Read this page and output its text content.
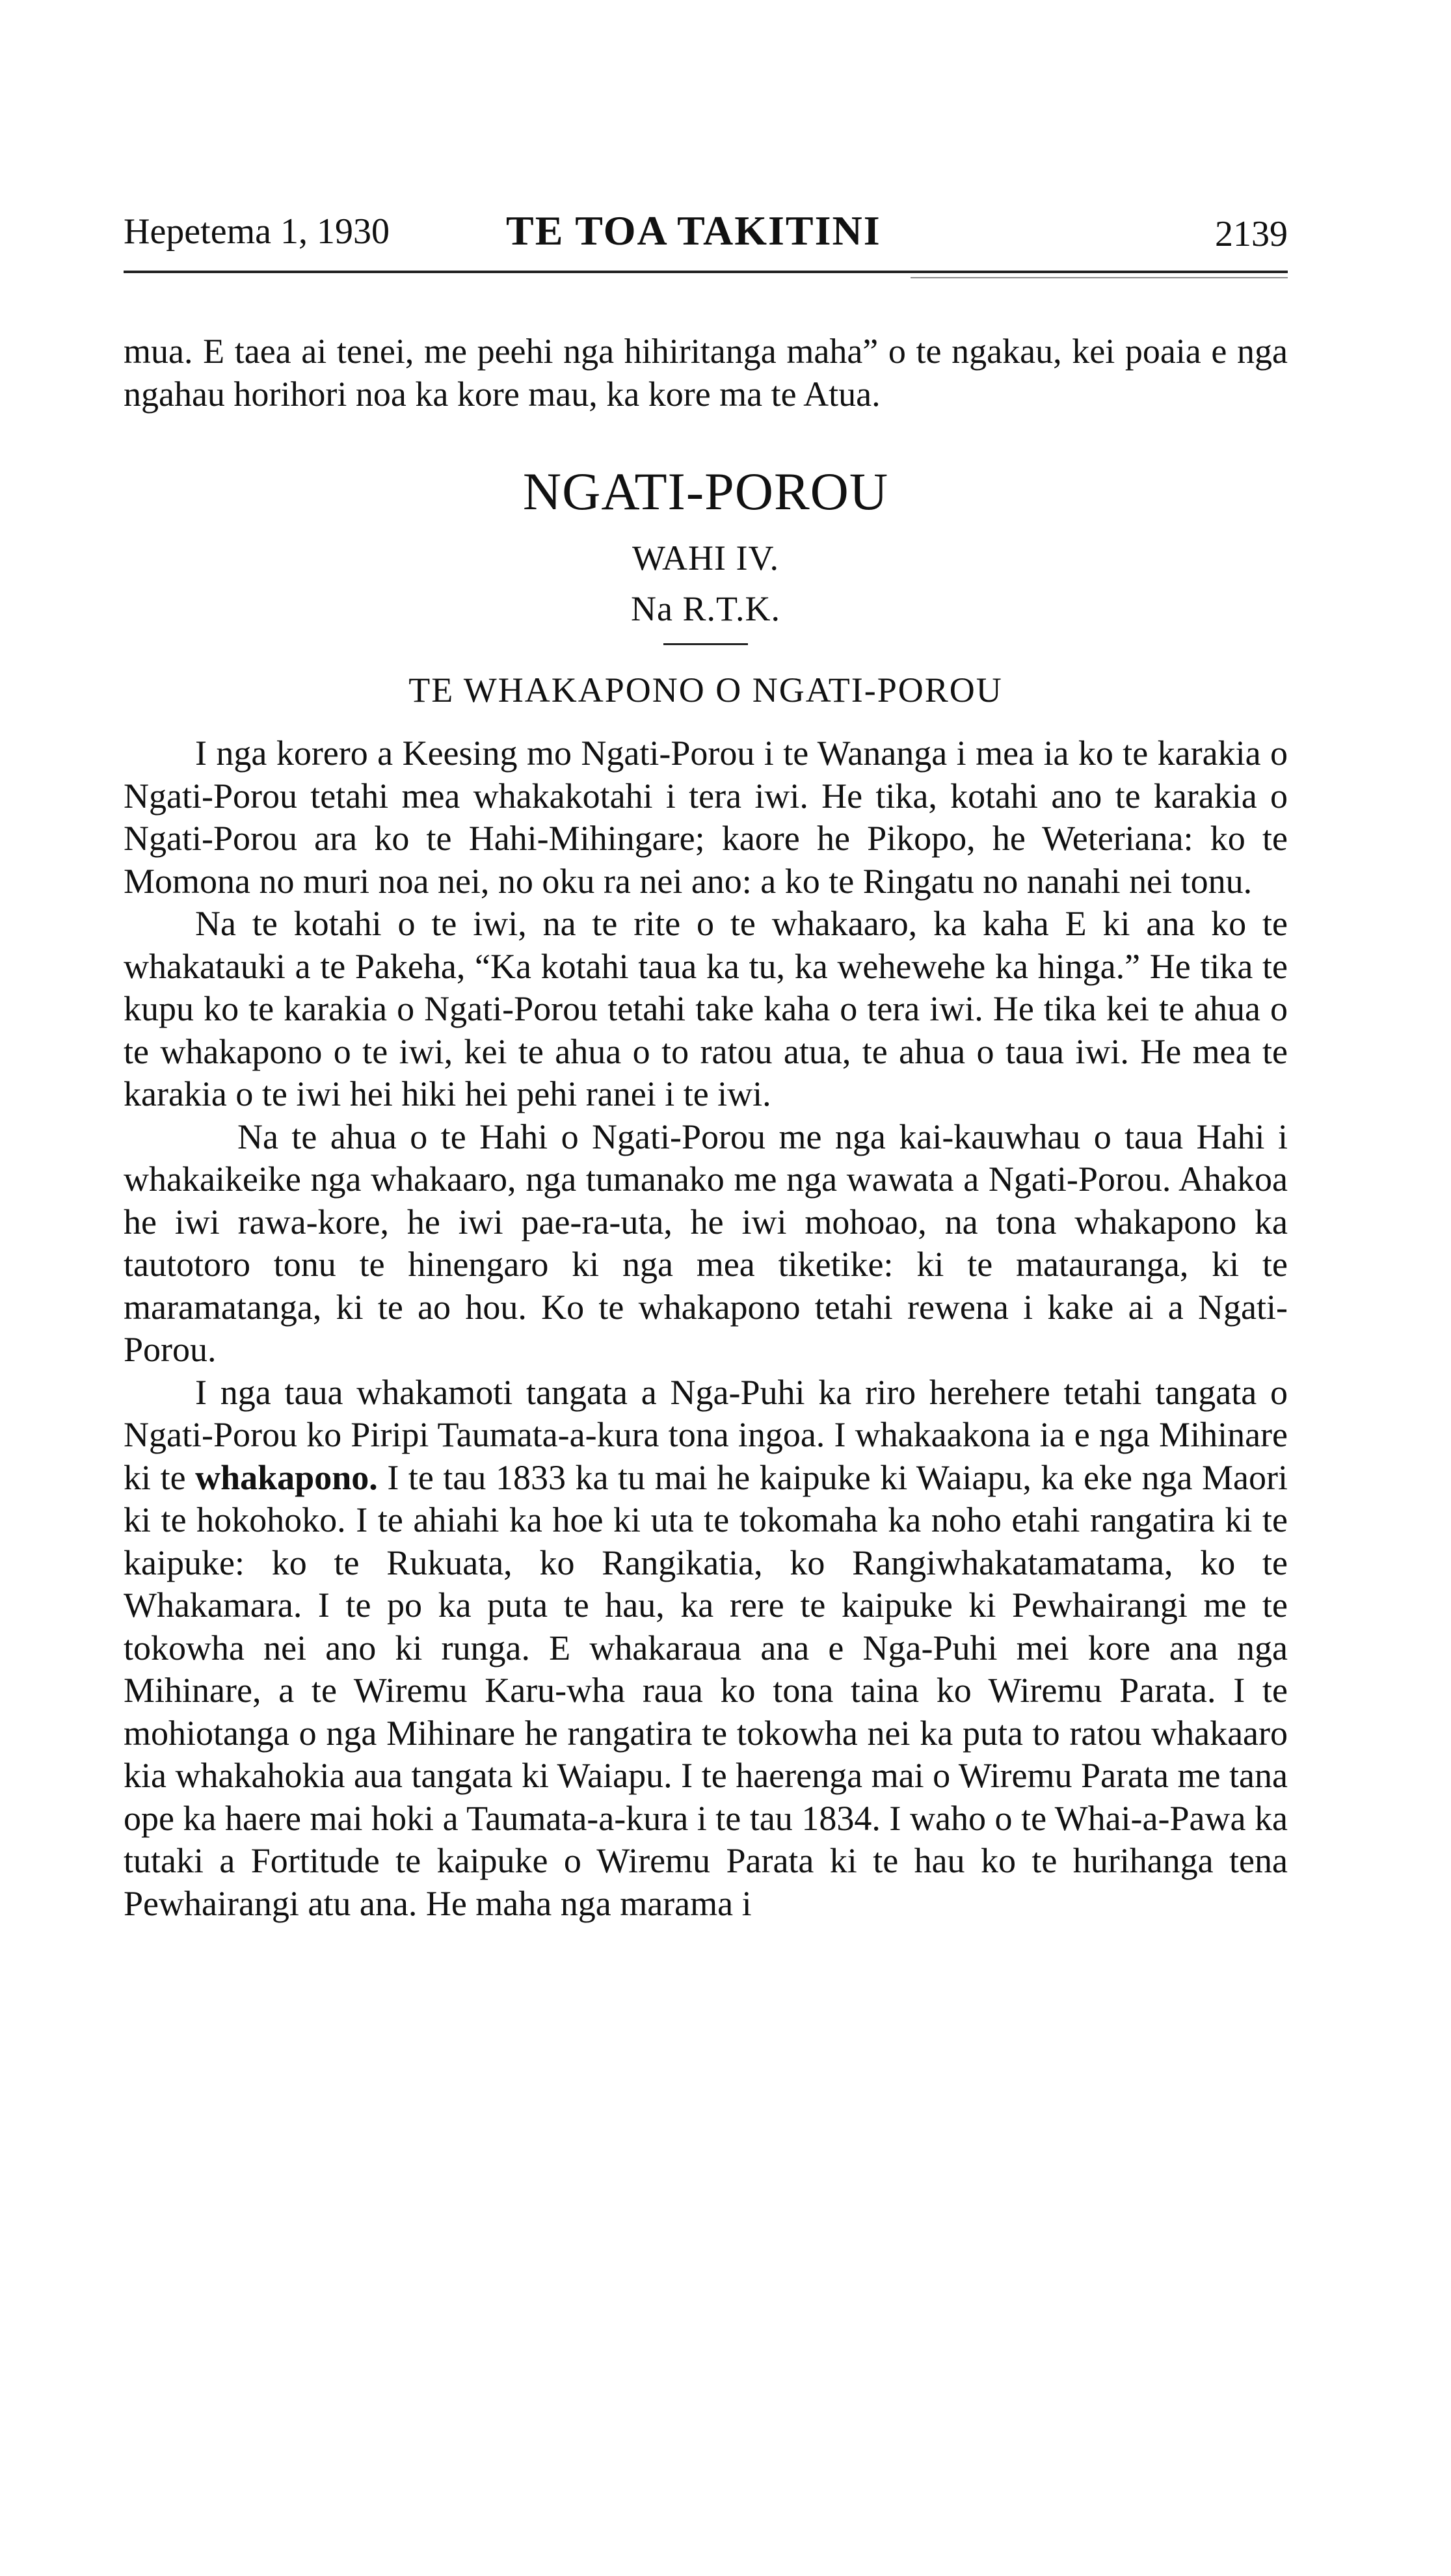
Hepetema 1, 1930	TE TOA TAKITINI	2139

mua. E taea ai tenei, me peehi nga hihiritanga maha” o te ngakau, kei poaia e nga ngahau horihori noa ka kore mau, ka kore ma te Atua.

NGATI-POROU
WAHI IV.
Na R.T.K.
TE WHAKAPONO O NGATI-POROU

I nga korero a Keesing mo Ngati-Porou i te Wananga i mea ia ko te karakia o Ngati-Porou tetahi mea whakakotahi i tera iwi. He tika, kotahi ano te karakia o Ngati-Porou ara ko te Hahi-Mihingare; kaore he Pikopo, he Weteriana: ko te Momona no muri noa nei, no oku ra nei ano: a ko te Ringatu no nanahi nei tonu.

Na te kotahi o te iwi, na te rite o te whakaaro, ka kaha E ki ana ko te whakatauki a te Pakeha, “Ka kotahi taua ka tu, ka wehewehe ka hinga.” He tika te kupu ko te karakia o Ngati-Porou tetahi take kaha o tera iwi. He tika kei te ahua o te whakapono o te iwi, kei te ahua o to ratou atua, te ahua o taua iwi. He mea te karakia o te iwi hei hiki hei pehi ranei i te iwi.

Na te ahua o te Hahi o Ngati-Porou me nga kai-kauwhau o taua Hahi i whakaikeike nga whakaaro, nga tumanako me nga wawata a Ngati-Porou. Ahakoa he iwi rawa-kore, he iwi pae-ra-uta, he iwi mohoao, na tona whakapono ka tautotoro tonu te hinengaro ki nga mea tiketike: ki te matauranga, ki te maramatanga, ki te ao hou. Ko te whakapono tetahi rewena i kake ai a Ngati-Porou.

I nga taua whakamoti tangata a Nga-Puhi ka riro herehere tetahi tangata o Ngati-Porou ko Piripi Taumata-a-kura tona ingoa. I whakaakona ia e nga Mihinare ki te whakapono. I te tau 1833 ka tu mai he kaipuke ki Waiapu, ka eke nga Maori ki te hokohoko. I te ahiahi ka hoe ki uta te tokomaha ka noho etahi rangatira ki te kaipuke: ko te Rukuata, ko Rangikatia, ko Rangiwhakatamatama, ko te Whakamara. I te po ka puta te hau, ka rere te kaipuke ki Pewhairangi me te tokowha nei ano ki runga. E whakaraua ana e Nga-Puhi mei kore ana nga Mihinare, a te Wiremu Karu-wha raua ko tona taina ko Wiremu Parata. I te mohiotanga o nga Mihinare he rangatira te tokowha nei ka puta to ratou whakaaro kia whakahokia aua tangata ki Waiapu. I te haerenga mai o Wiremu Parata me tana ope ka haere mai hoki a Taumata-a-kura i te tau 1834. I waho o te Whai-a-Pawa ka tutaki a Fortitude te kaipuke o Wiremu Parata ki te hau ko te hurihanga tena Pewhairangi atu ana. He maha nga marama i
